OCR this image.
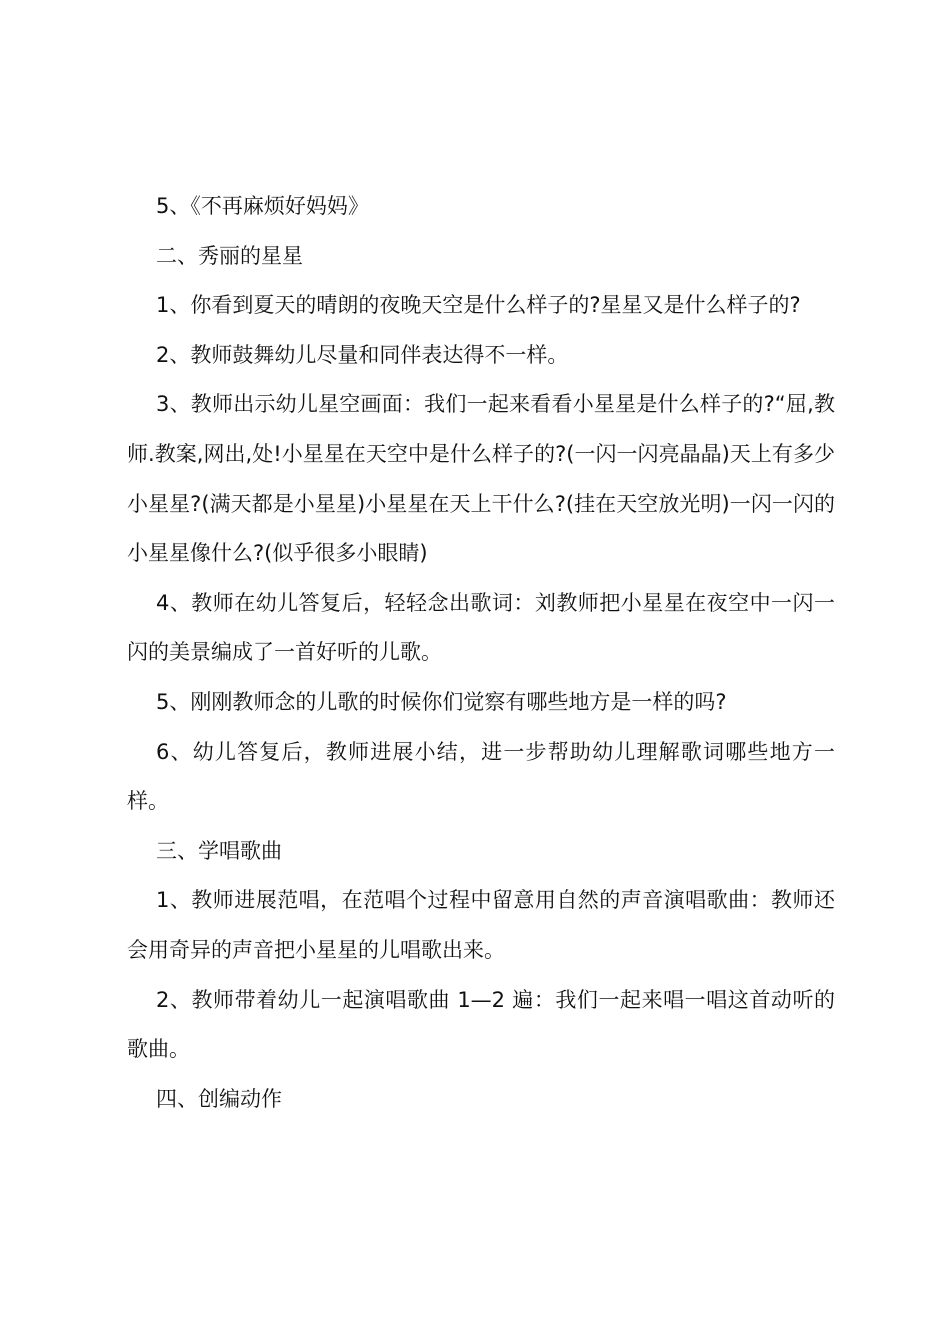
5、《不再麻烦好妈妈》

二、秀丽的星星

1、你看到夏天的晴朗的夜晚天空是什么样子的?星星又是什么样子的?

2、教师鼓舞幼儿尽量和同伴表达得不一样。

3、教师出示幼儿星空画面：我们一起来看看小星星是什么样子的?“屈,教师.教案,网出,处!小星星在天空中是什么样子的?(一闪一闪亮晶晶)天上有多少小星星?(满天都是小星星)小星星在天上干什么?(挂在天空放光明)一闪一闪的小星星像什么?(似乎很多小眼睛)

4、教师在幼儿答复后，轻轻念出歌词：刘教师把小星星在夜空中一闪一闪的美景编成了一首好听的儿歌。

5、刚刚教师念的儿歌的时候你们觉察有哪些地方是一样的吗?

6、幼儿答复后，教师进展小结，进一步帮助幼儿理解歌词哪些地方一样。

三、学唱歌曲

1、教师进展范唱，在范唱个过程中留意用自然的声音演唱歌曲：教师还会用奇异的声音把小星星的儿唱歌出来。

2、教师带着幼儿一起演唱歌曲 1—2 遍：我们一起来唱一唱这首动听的歌曲。

四、创编动作
